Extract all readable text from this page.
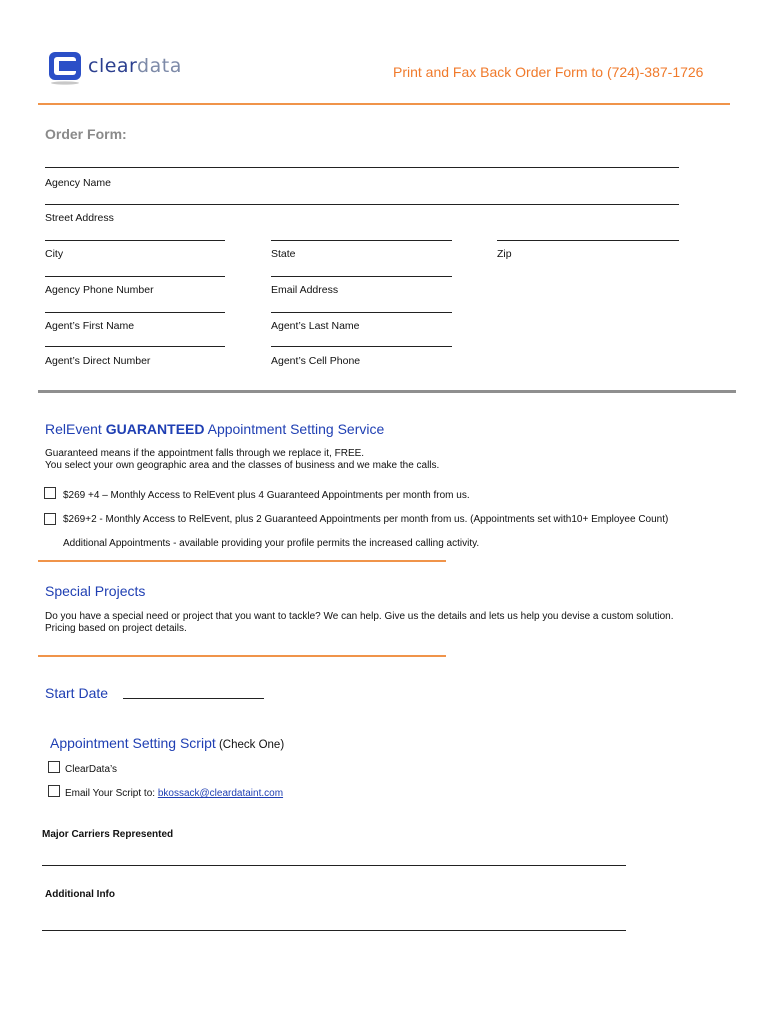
cleardata	Print and Fax Back Order Form to (724)-387-1726
Order Form:
Agency Name
Street Address
City	State	Zip
Agency Phone Number	Email Address
Agent’s First Name	Agent’s Last Name
Agent’s Direct Number	Agent’s Cell Phone
RelEvent GUARANTEED Appointment Setting Service
Guaranteed means if the appointment falls through we replace it, FREE.
You select your own geographic area and the classes of business and we make the calls.
$269 +4 – Monthly Access to RelEvent plus 4 Guaranteed Appointments per month from us.
$269+2 - Monthly Access to RelEvent, plus 2 Guaranteed Appointments per month from us. (Appointments set with10+ Employee Count)
Additional Appointments - available providing your profile permits the increased calling activity.
Special Projects
Do you have a special need or project that you want to tackle? We can help. Give us the details and lets us help you devise a custom solution.
Pricing based on project details.
Start Date
Appointment Setting Script (Check One)
ClearData’s
Email Your Script to: bkossack@cleardataint.com
Major Carriers Represented
Additional Info
